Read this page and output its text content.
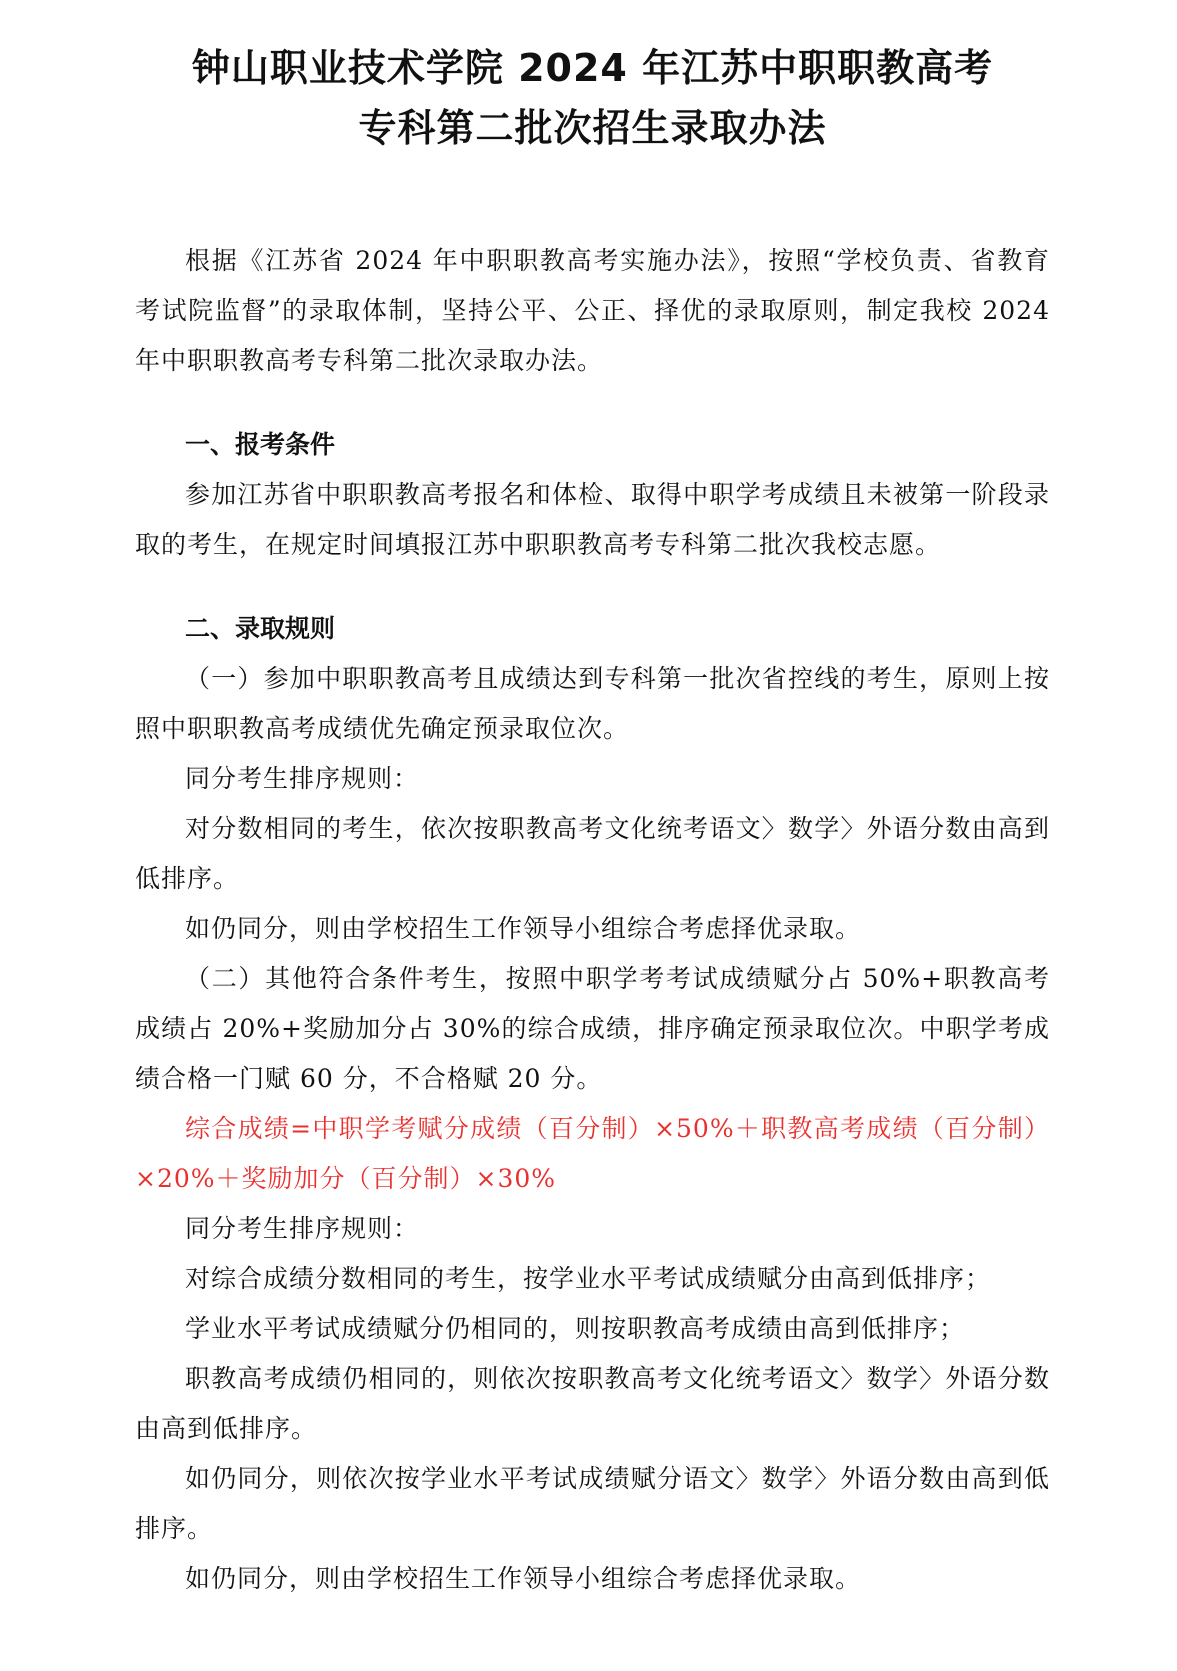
钟山职业技术学院 2024 年江苏中职职教高考
专科第二批次招生录取办法

根据《江苏省 2024 年中职职教高考实施办法》，按照“学校负责、省教育考试院监督”的录取体制，坚持公平、公正、择优的录取原则，制定我校 2024 年中职职教高考专科第二批次录取办法。

一、报考条件

参加江苏省中职职教高考报名和体检、取得中职学考成绩且未被第一阶段录取的考生，在规定时间填报江苏中职职教高考专科第二批次我校志愿。

二、录取规则

（一）参加中职职教高考且成绩达到专科第一批次省控线的考生，原则上按照中职职教高考成绩优先确定预录取位次。

同分考生排序规则：

对分数相同的考生，依次按职教高考文化统考语文〉数学〉外语分数由高到低排序。

如仍同分，则由学校招生工作领导小组综合考虑择优录取。

（二）其他符合条件考生，按照中职学考考试成绩赋分占 50%+职教高考成绩占 20%+奖励加分占 30%的综合成绩，排序确定预录取位次。中职学考成绩合格一门赋 60 分，不合格赋 20 分。

综合成绩=中职学考赋分成绩（百分制）×50%＋职教高考成绩（百分制）×20%＋奖励加分（百分制）×30%

同分考生排序规则：

对综合成绩分数相同的考生，按学业水平考试成绩赋分由高到低排序；

学业水平考试成绩赋分仍相同的，则按职教高考成绩由高到低排序；

职教高考成绩仍相同的，则依次按职教高考文化统考语文〉数学〉外语分数由高到低排序。

如仍同分，则依次按学业水平考试成绩赋分语文〉数学〉外语分数由高到低排序。

如仍同分，则由学校招生工作领导小组综合考虑择优录取。
